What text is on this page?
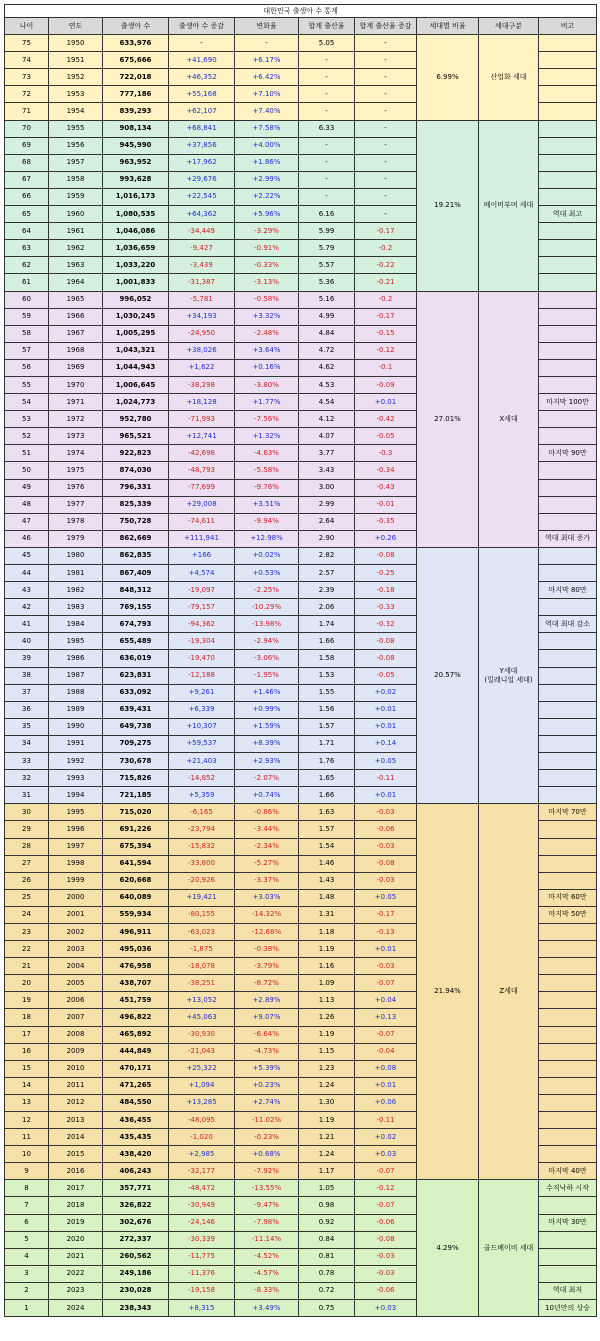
대한민국 출생아 수 통계									
나이	연도	출생아 수	출생아 수 증감	변화율	합계 출산율	합계 출산율 증감	세대별 비율	세대구분	비고
75	1950	633,976	-	-	5.05	-	6.99%	산업화 세대	
74	1951	675,666	+41,690	+6.17%	-	-			
73	1952	722,018	+46,352	+6.42%	-	-			
72	1953	777,186	+55,168	+7.10%	-	-			
71	1954	839,293	+62,107	+7.40%	-	-			
70	1955	908,134	+68,841	+7.58%	6.33	-	19.21%	베이비부머 세대	
69	1956	945,990	+37,856	+4.00%	-	-			
68	1957	963,952	+17,962	+1.86%	-	-			
67	1958	993,628	+29,676	+2.99%	-	-			
66	1959	1,016,173	+22,545	+2.22%	-	-			
65	1960	1,080,535	+64,362	+5.96%	6.16	-			역대 최고
64	1961	1,046,086	-34,449	-3.29%	5.99	-0.17			
63	1962	1,036,659	-9,427	-0.91%	5.79	-0.2			
62	1963	1,033,220	-3,439	-0.33%	5.57	-0.22			
61	1964	1,001,833	-31,387	-3.13%	5.36	-0.21			
60	1965	996,052	-5,781	-0.58%	5.16	-0.2	27.01%	X세대	
59	1966	1,030,245	+34,193	+3.32%	4.99	-0.17			
58	1967	1,005,295	-24,950	-2.48%	4.84	-0.15			
57	1968	1,043,321	+38,026	+3.64%	4.72	-0.12			
56	1969	1,044,943	+1,622	+0.16%	4.62	-0.1			
55	1970	1,006,645	-38,298	-3.80%	4.53	-0.09			
54	1971	1,024,773	+18,128	+1.77%	4.54	+0.01			마지막 100만
53	1972	952,780	-71,993	-7.56%	4.12	-0.42			
52	1973	965,521	+12,741	+1.32%	4.07	-0.05			
51	1974	922,823	-42,698	-4.63%	3.77	-0.3			마지막 90만
50	1975	874,030	-48,793	-5.58%	3.43	-0.34			
49	1976	796,331	-77,699	-9.76%	3.00	-0.43			
48	1977	825,339	+29,008	+3.51%	2.99	-0.01			
47	1978	750,728	-74,611	-9.94%	2.64	-0.35			
46	1979	862,669	+111,941	+12.98%	2.90	+0.26			역대 최대 증가
45	1980	862,835	+166	+0.02%	2.82	-0.08	20.57%	Y세대
(밀레니얼 세대)	
44	1981	867,409	+4,574	+0.53%	2.57	-0.25			
43	1982	848,312	-19,097	-2.25%	2.39	-0.18			마지막 80만
42	1983	769,155	-79,157	-10.29%	2.06	-0.33			
41	1984	674,793	-94,362	-13.98%	1.74	-0.32			역대 최대 감소
40	1985	655,489	-19,304	-2.94%	1.66	-0.08			
39	1986	636,019	-19,470	-3.06%	1.58	-0.08			
38	1987	623,831	-12,188	-1.95%	1.53	-0.05			
37	1988	633,092	+9,261	+1.46%	1.55	+0.02			
36	1989	639,431	+6,339	+0.99%	1.56	+0.01			
35	1990	649,738	+10,307	+1.59%	1.57	+0.01			
34	1991	709,275	+59,537	+8.39%	1.71	+0.14			
33	1992	730,678	+21,403	+2.93%	1.76	+0.05			
32	1993	715,826	-14,852	-2.07%	1.65	-0.11			
31	1994	721,185	+5,359	+0.74%	1.66	+0.01			
30	1995	715,020	-6,165	-0.86%	1.63	-0.03	21.94%	Z세대	마지막 70만
29	1996	691,226	-23,794	-3.44%	1.57	-0.06			
28	1997	675,394	-15,832	-2.34%	1.54	-0.03			
27	1998	641,594	-33,800	-5.27%	1.46	-0.08			
26	1999	620,668	-20,926	-3.37%	1.43	-0.03			
25	2000	640,089	+19,421	+3.03%	1.48	+0.05			마지막 60만
24	2001	559,934	-80,155	-14.32%	1.31	-0.17			마지막 50만
23	2002	496,911	-63,023	-12.68%	1.18	-0.13			
22	2003	495,036	-1,875	-0.38%	1.19	+0.01			
21	2004	476,958	-18,078	-3.79%	1.16	-0.03			
20	2005	438,707	-38,251	-8.72%	1.09	-0.07			
19	2006	451,759	+13,052	+2.89%	1.13	+0.04			
18	2007	496,822	+45,063	+9.07%	1.26	+0.13			
17	2008	465,892	-30,930	-6.64%	1.19	-0.07			
16	2009	444,849	-21,043	-4.73%	1.15	-0.04			
15	2010	470,171	+25,322	+5.39%	1.23	+0.08			
14	2011	471,265	+1,094	+0.23%	1.24	+0.01			
13	2012	484,550	+13,285	+2.74%	1.30	+0.06			
12	2013	436,455	-48,095	-11.02%	1.19	-0.11			
11	2014	435,435	-1,020	-0.23%	1.21	+0.02			
10	2015	438,420	+2,985	+0.68%	1.24	+0.03			
9	2016	406,243	-32,177	-7.92%	1.17	-0.07			마지막 40만
8	2017	357,771	-48,472	-13.55%	1.05	-0.12	4.29%	골드베이비 세대	수직낙하 시작
7	2018	326,822	-30,949	-9.47%	0.98	-0.07			
6	2019	302,676	-24,146	-7.98%	0.92	-0.06			마지막 30만
5	2020	272,337	-30,339	-11.14%	0.84	-0.08			
4	2021	260,562	-11,775	-4.52%	0.81	-0.03			
3	2022	249,186	-11,376	-4.57%	0.78	-0.03			
2	2023	230,028	-19,158	-8.33%	0.72	-0.06			역대 최저
1	2024	238,343	+8,315	+3.49%	0.75	+0.03			10년만의 상승
